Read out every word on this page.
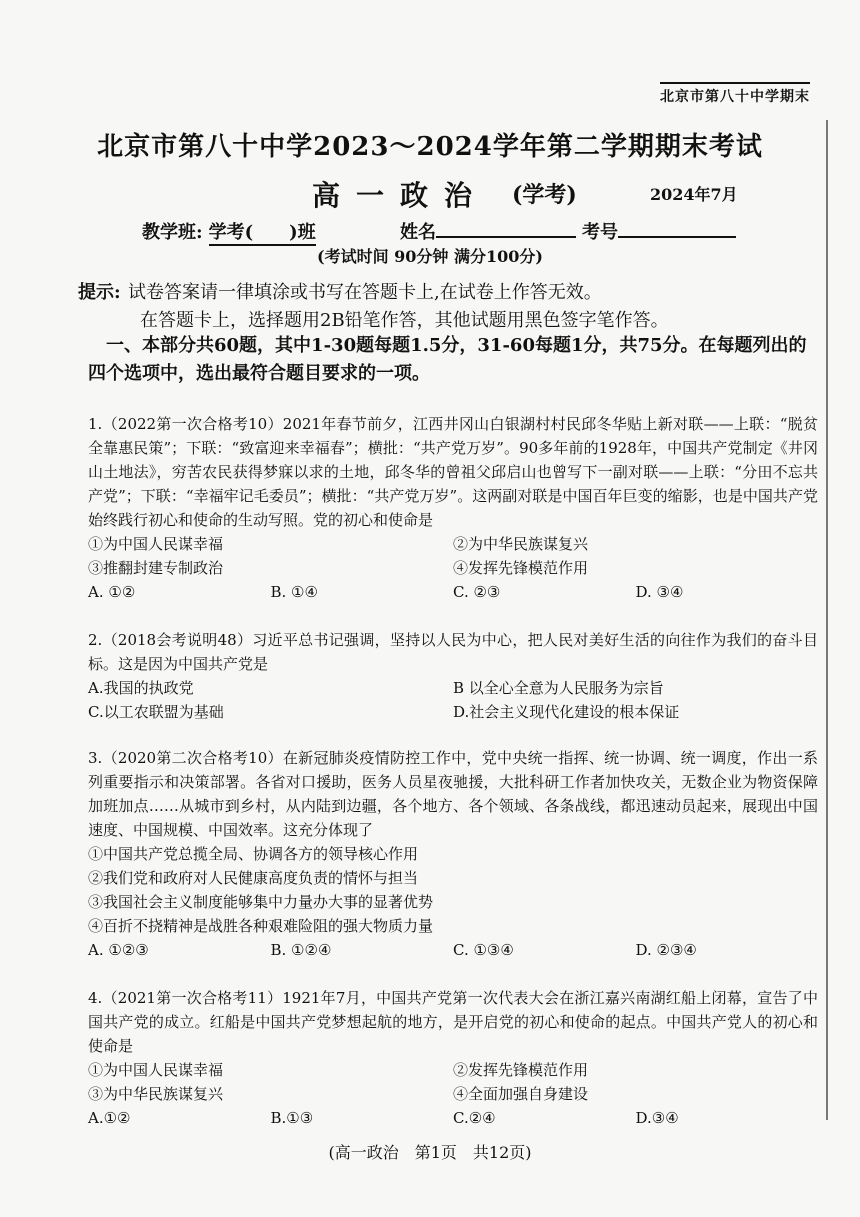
北京市第八十中学期末
北京市第八十中学2023～2024学年第二学期期末考试
高一政治 (学考)	2024年7月
教学班: 学考(　　)班	姓名	考号
(考试时间 90分钟 满分100分)
提示: 试卷答案请一律填涂或书写在答题卡上,在试卷上作答无效。
在答题卡上，选择题用2B铅笔作答，其他试题用黑色签字笔作答。
一、本部分共60题，其中1-30题每题1.5分，31-60每题1分，共75分。在每题列出的四个选项中，选出最符合题目要求的一项。

1.（2022第一次合格考10）2021年春节前夕，江西井冈山白银湖村村民邱冬华贴上新对联——上联：“脱贫全靠惠民策”；下联：“致富迎来幸福春”；横批：“共产党万岁”。90多年前的1928年，中国共产党制定《井冈山土地法》，穷苦农民获得梦寐以求的土地，邱冬华的曾祖父邱启山也曾写下一副对联——上联：“分田不忘共产党”；下联：“幸福牢记毛委员”；横批：“共产党万岁”。这两副对联是中国百年巨变的缩影，也是中国共产党始终践行初心和使命的生动写照。党的初心和使命是

①为中国人民谋幸福	②为中华民族谋复兴
③推翻封建专制政治	④发挥先锋模范作用
A. ①②	B. ①④	C. ②③	D. ③④

2.（2018会考说明48）习近平总书记强调，坚持以人民为中心，把人民对美好生活的向往作为我们的奋斗目标。这是因为中国共产党是

A.我国的执政党	B 以全心全意为人民服务为宗旨
C.以工农联盟为基础	D.社会主义现代化建设的根本保证

3.（2020第二次合格考10）在新冠肺炎疫情防控工作中，党中央统一指挥、统一协调、统一调度，作出一系列重要指示和决策部署。各省对口援助，医务人员星夜驰援，大批科研工作者加快攻关，无数企业为物资保障加班加点……从城市到乡村，从内陆到边疆，各个地方、各个领域、各条战线，都迅速动员起来，展现出中国速度、中国规模、中国效率。这充分体现了

①中国共产党总揽全局、协调各方的领导核心作用
②我们党和政府对人民健康高度负责的情怀与担当
③我国社会主义制度能够集中力量办大事的显著优势
④百折不挠精神是战胜各种艰难险阻的强大物质力量
A. ①②③	B. ①②④	C. ①③④	D. ②③④

4.（2021第一次合格考11）1921年7月，中国共产党第一次代表大会在浙江嘉兴南湖红船上闭幕，宣告了中国共产党的成立。红船是中国共产党梦想起航的地方，是开启党的初心和使命的起点。中国共产党人的初心和使命是

①为中国人民谋幸福	②发挥先锋模范作用
③为中华民族谋复兴	④全面加强自身建设
A.①②	B.①③	C.②④	D.③④
(高一政治　第1页　共12页)
